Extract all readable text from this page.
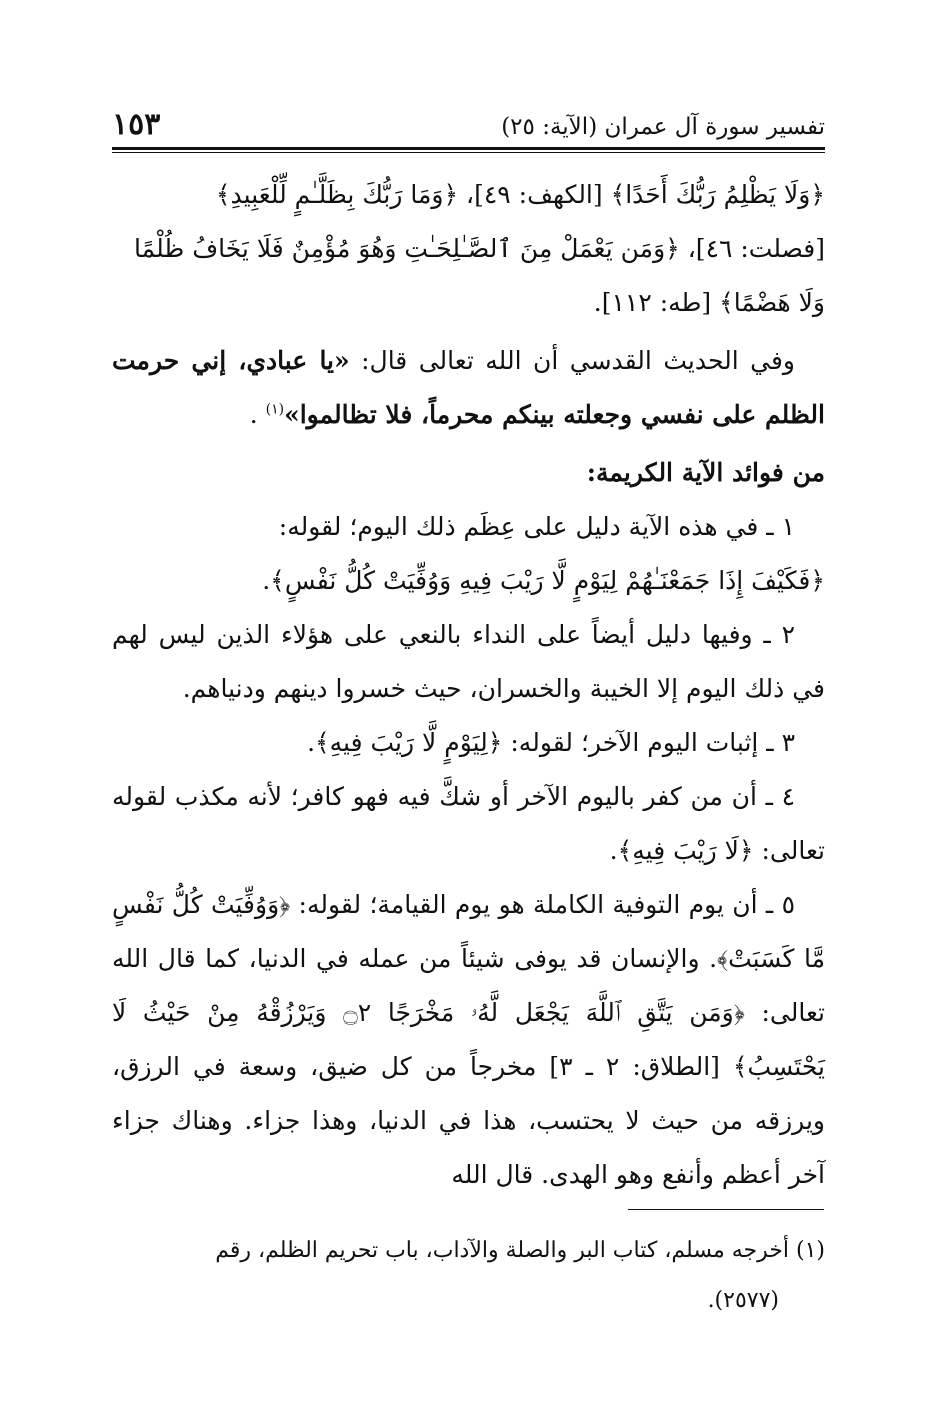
تفسير سورة آل عمران (الآية: ٢٥)
١٥٣

﴿وَلَا يَظْلِمُ رَبُّكَ أَحَدًا﴾ [الكهف: ٤٩]، ﴿وَمَا رَبُّكَ بِظَلَّـٰمٍ لِّلْعَبِيدِ﴾

[فصلت: ٤٦]، ﴿وَمَن يَعْمَلْ مِنَ ٱلصَّـٰلِحَـٰتِ وَهُوَ مُؤْمِنٌ فَلَا يَخَافُ ظُلْمًا

وَلَا هَضْمًا﴾ [طه: ١١٢].

وفي الحديث القدسي أن الله تعالى قال: «يا عبادي، إني حرمت الظلم على نفسي وجعلته بينكم محرماً، فلا تظالموا»$^{(١)}$ .

من فوائد الآية الكريمة:

١ ـ في هذه الآية دليل على عِظَم ذلك اليوم؛ لقوله:

﴿فَكَيْفَ إِذَا جَمَعْنَـٰهُمْ لِيَوْمٍ لَّا رَيْبَ فِيهِ وَوُفِّيَتْ كُلُّ نَفْسٍ﴾.

٢ ـ وفيها دليل أيضاً على النداء بالنعي على هؤلاء الذين ليس لهم في ذلك اليوم إلا الخيبة والخسران، حيث خسروا دينهم ودنياهم.

٣ ـ إثبات اليوم الآخر؛ لقوله: ﴿لِيَوْمٍ لَّا رَيْبَ فِيهِ﴾.

٤ ـ أن من كفر باليوم الآخر أو شكَّ فيه فهو كافر؛ لأنه مكذب لقوله تعالى: ﴿لَا رَيْبَ فِيهِ﴾.

٥ ـ أن يوم التوفية الكاملة هو يوم القيامة؛ لقوله: ﴿وَوُفِّيَتْ كُلُّ نَفْسٍ مَّا كَسَبَتْ﴾. والإنسان قد يوفى شيئاً من عمله في الدنيا، كما قال الله تعالى: ﴿وَمَن يَتَّقِ ٱللَّهَ يَجْعَل لَّهُۥ مَخْرَجًا ۝٢ وَيَرْزُقْهُ مِنْ حَيْثُ لَا يَحْتَسِبُ﴾ [الطلاق: ٢ ـ ٣] مخرجاً من كل ضيق، وسعة في الرزق، ويرزقه من حيث لا يحتسب، هذا في الدنيا، وهذا جزاء. وهناك جزاء آخر أعظم وأنفع وهو الهدى. قال الله

(١) أخرجه مسلم، كتاب البر والصلة والآداب، باب تحريم الظلم، رقم

(٢٥٧٧).
